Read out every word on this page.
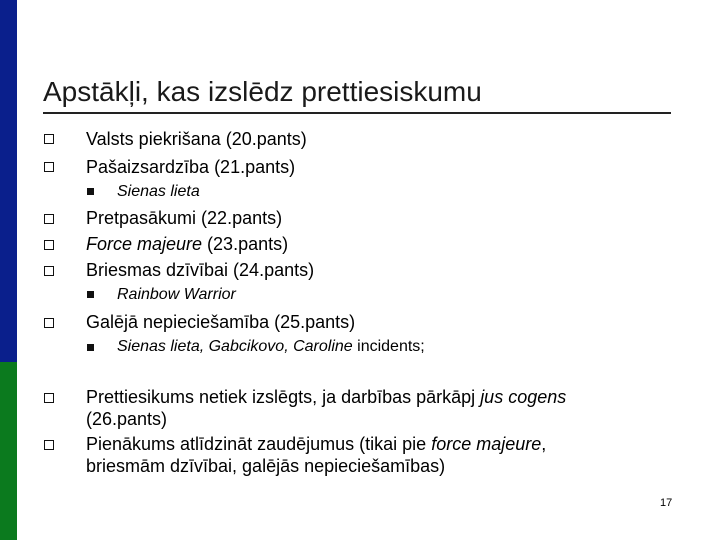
Apstākļi, kas izslēdz prettiesiskumu
Valsts piekrišana (20.pants)
Pašaizsardzība (21.pants)
Sienas lieta
Pretpasākumi (22.pants)
Force majeure (23.pants)
Briesmas dzīvībai (24.pants)
Rainbow Warrior
Galējā nepieciešamība (25.pants)
Sienas lieta, Gabcikovo, Caroline incidents;
Prettiesikums netiek izslēgts, ja darbības pārkāpj jus cogens
(26.pants)
Pienākums atlīdzināt zaudējumus (tikai pie force majeure,
briesmām dzīvībai, galējās nepieciešamības)
17
